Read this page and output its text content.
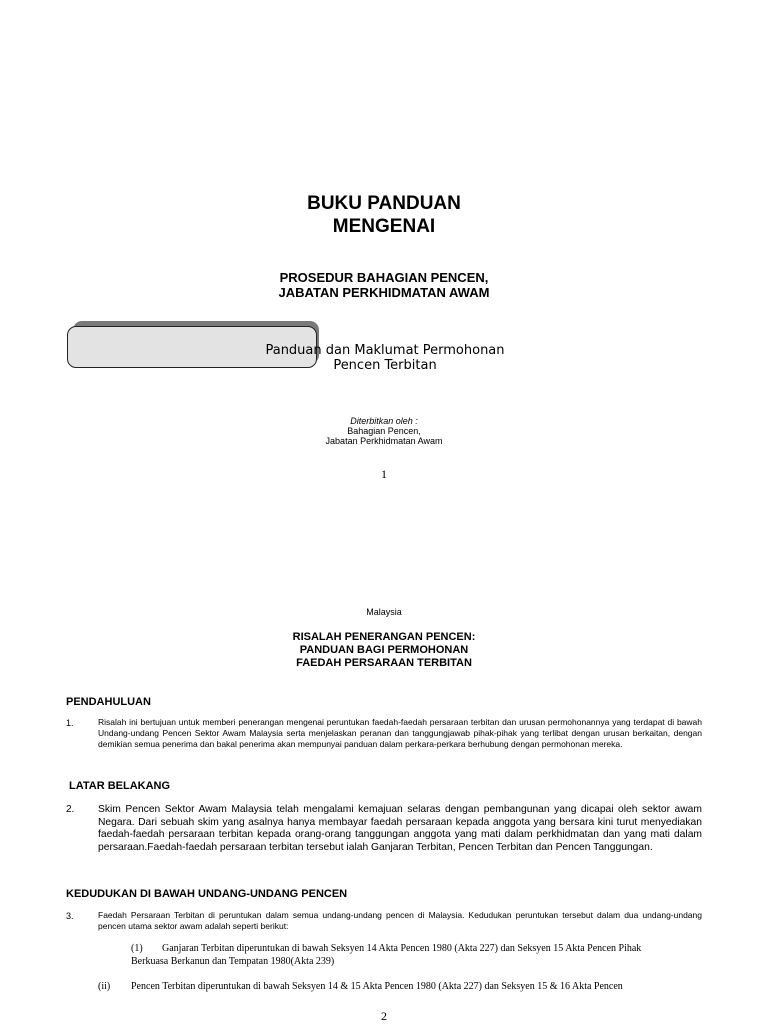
BUKU PANDUAN
MENGENAI
PROSEDUR BAHAGIAN PENCEN,
JABATAN PERKHIDMATAN AWAM
Panduan dan Maklumat Permohonan
Pencen Terbitan
Diterbitkan oleh :
Bahagian Pencen,
Jabatan Perkhidmatan Awam
1
Malaysia
RISALAH PENERANGAN PENCEN:
PANDUAN BAGI PERMOHONAN
FAEDAH PERSARAAN TERBITAN
PENDAHULUAN
1.	Risalah ini bertujuan untuk memberi penerangan mengenai peruntukan faedah-faedah persaraan terbitan dan urusan permohonannya yang terdapat di bawah Undang-undang Pencen Sektor Awam Malaysia serta menjelaskan peranan dan tanggungjawab pihak-pihak yang terlibat dengan urusan berkaitan, dengan demikian semua penerima dan bakal penerima akan mempunyai panduan dalam perkara-perkara berhubung dengan permohonan mereka.
LATAR BELAKANG
2. Skim Pencen Sektor Awam Malaysia telah mengalami kemajuan selaras dengan pembangunan yang dicapai oleh sektor awam Negara. Dari sebuah skim yang asalnya hanya membayar faedah persaraan kepada anggota yang bersara kini turut menyediakan faedah-faedah persaraan terbitan kepada orang-orang tanggungan anggota yang mati dalam perkhidmatan dan yang mati dalam persaraan.Faedah-faedah persaraan terbitan tersebut ialah Ganjaran Terbitan, Pencen Terbitan dan Pencen Tanggungan.
KEDUDUKAN DI BAWAH UNDANG-UNDANG PENCEN
3.	Faedah Persaraan Terbitan di peruntukan dalam semua undang-undang pencen di Malaysia. Kedudukan peruntukan tersebut dalam dua undang-undang pencen utama sektor awam adalah seperti berikut:
(1) Ganjaran Terbitan diperuntukan di bawah Seksyen 14 Akta Pencen 1980 (Akta 227) dan Seksyen 15 Akta Pencen Pihak
Berkuasa Berkanun dan Tempatan 1980(Akta 239)
(ii) Pencen Terbitan diperuntukan di bawah Seksyen 14 & 15 Akta Pencen 1980 (Akta 227) dan Seksyen 15 & 16 Akta Pencen
2
